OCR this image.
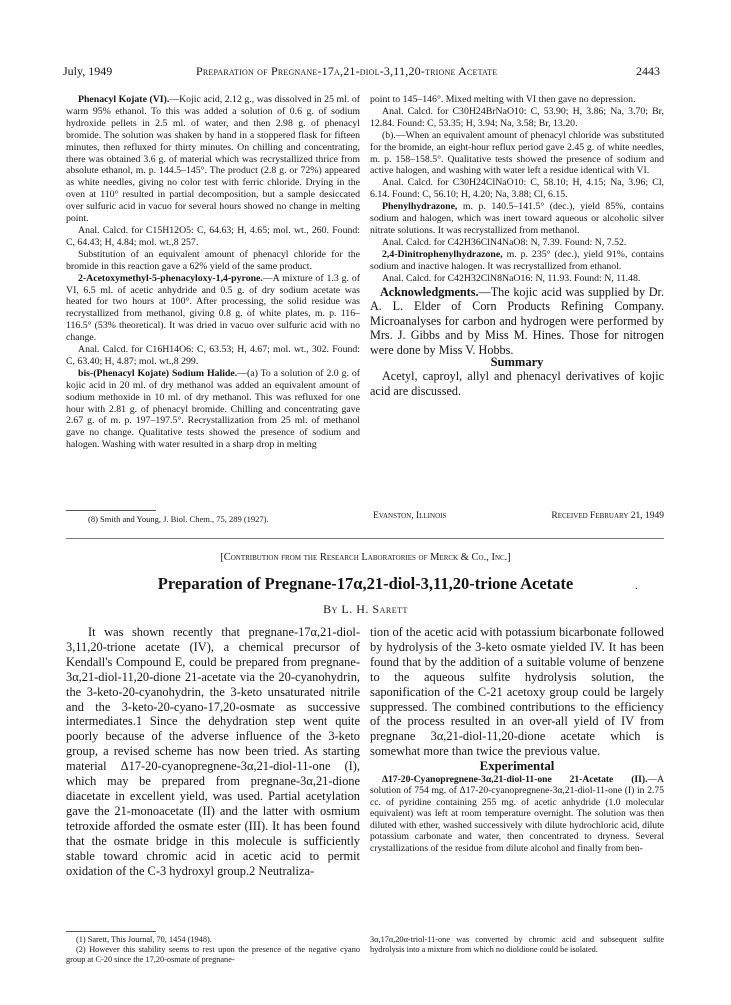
July, 1949	Preparation of Pregnane-17α,21-diol-3,11,20-trione Acetate	2443

Phenacyl Kojate (VI).—Kojic acid, 2.12 g., was dissolved in 25 ml. of warm 95% ethanol. To this was added a solution of 0.6 g. of sodium hydroxide pellets in 2.5 ml. of water, and then 2.98 g. of phenacyl bromide. The solution was shaken by hand in a stoppered flask for fifteen minutes, then refluxed for thirty minutes. On chilling and concentrating, there was obtained 3.6 g. of material which was recrystallized thrice from absolute ethanol, m. p. 144.5–145°. The product (2.8 g. or 72%) appeared as white needles, giving no color test with ferric chloride. Drying in the oven at 110° resulted in partial decomposition, but a sample desiccated over sulfuric acid in vacuo for several hours showed no change in melting point.

Anal. Calcd. for C15H12O5: C, 64.63; H, 4.65; mol. wt., 260. Found: C, 64.43; H, 4.84; mol. wt.,8 257.

Substitution of an equivalent amount of phenacyl chloride for the bromide in this reaction gave a 62% yield of the same product.

2-Acetoxymethyl-5-phenacyloxy-1,4-pyrone.—A mixture of 1.3 g. of VI, 6.5 ml. of acetic anhydride and 0.5 g. of dry sodium acetate was heated for two hours at 100°. After processing, the solid residue was recrystallized from methanol, giving 0.8 g. of white plates, m. p. 116–116.5° (53% theoretical). It was dried in vacuo over sulfuric acid with no change.

Anal. Calcd. for C16H14O6: C, 63.53; H, 4.67; mol. wt., 302. Found: C, 63.40; H, 4.87; mol. wt.,8 299.

bis-(Phenacyl Kojate) Sodium Halide.—(a) To a solution of 2.0 g. of kojic acid in 20 ml. of dry methanol was added an equivalent amount of sodium methoxide in 10 ml. of dry methanol. This was refluxed for one hour with 2.81 g. of phenacyl bromide. Chilling and concentrating gave 2.67 g. of m. p. 197–197.5°. Recrystallization from 25 ml. of methanol gave no change. Qualitative tests showed the presence of sodium and halogen. Washing with water resulted in a sharp drop in melting

point to 145–146°. Mixed melting with VI then gave no depression.

Anal. Calcd. for C30H24BrNaO10: C, 53.90; H, 3.86; Na, 3.70; Br, 12.84. Found: C, 53.35; H, 3.94; Na, 3.58; Br, 13.20.

(b).—When an equivalent amount of phenacyl chloride was substituted for the bromide, an eight-hour reflux period gave 2.45 g. of white needles, m. p. 158–158.5°. Qualitative tests showed the presence of sodium and active halogen, and washing with water left a residue identical with VI.

Anal. Calcd. for C30H24ClNaO10: C, 58.10; H, 4.15; Na, 3.96; Cl, 6.14. Found: C, 56.10; H, 4.20; Na, 3.88; Cl, 6.15.

Phenylhydrazone, m. p. 140.5–141.5° (dec.), yield 85%, contains sodium and halogen, which was inert toward aqueous or alcoholic silver nitrate solutions. It was recrystallized from methanol.

Anal. Calcd. for C42H36ClN4NaO8: N, 7.39. Found: N, 7.52.

2,4-Dinitrophenylhydrazone, m. p. 235° (dec.), yield 91%, contains sodium and inactive halogen. It was recrystallized from ethanol.

Anal. Calcd. for C42H32ClN8NaO16: N, 11.93. Found: N, 11.48.

Acknowledgments.—The kojic acid was supplied by Dr. A. L. Elder of Corn Products Refining Company. Microanalyses for carbon and hydrogen were performed by Mrs. J. Gibbs and by Miss M. Hines. Those for nitrogen were done by Miss V. Hobbs.

Summary

Acetyl, caproyl, allyl and phenacyl derivatives of kojic acid are discussed.

(8) Smith and Young, J. Biol. Chem., 75, 289 (1927).	Evanston, Illinois	Received February 21, 1949
[Contribution from the Research Laboratories of Merck & Co., Inc.]
Preparation of Pregnane-17α,21-diol-3,11,20-trione Acetate	.
By L. H. Sarett

It was shown recently that pregnane-17α,21-diol-3,11,20-trione acetate (IV), a chemical precursor of Kendall's Compound E, could be prepared from pregnane-3α,21-diol-11,20-dione 21-acetate via the 20-cyanohydrin, the 3-keto-20-cyanohydrin, the 3-keto unsaturated nitrile and the 3-keto-20-cyano-17,20-osmate as successive intermediates.1 Since the dehydration step went quite poorly because of the adverse influence of the 3-keto group, a revised scheme has now been tried. As starting material Δ17-20-cyanopregnene-3α,21-diol-11-one (I), which may be prepared from pregnane-3α,21-dione diacetate in excellent yield, was used. Partial acetylation gave the 21-monoacetate (II) and the latter with osmium tetroxide afforded the osmate ester (III). It has been found that the osmate bridge in this molecule is sufficiently stable toward chromic acid in acetic acid to permit oxidation of the C-3 hydroxyl group.2 Neutraliza-

tion of the acetic acid with potassium bicarbonate followed by hydrolysis of the 3-keto osmate yielded IV. It has been found that by the addition of a suitable volume of benzene to the aqueous sulfite hydrolysis solution, the saponification of the C-21 acetoxy group could be largely suppressed. The combined contributions to the efficiency of the process resulted in an over-all yield of IV from pregnane 3α,21-diol-11,20-dione acetate which is somewhat more than twice the previous value.

Experimental

Δ17-20-Cyanopregnene-3α,21-diol-11-one 21-Acetate (II).—A solution of 754 mg. of Δ17-20-cyanopregnene-3α,21-diol-11-one (I) in 2.75 cc. of pyridine containing 255 mg. of acetic anhydride (1.0 molecular equivalent) was left at room temperature overnight. The solution was then diluted with ether, washed successively with dilute hydrochloric acid, dilute potassium carbonate and water, then concentrated to dryness. Several crystallizations of the residue from dilute alcohol and finally from ben-

(1) Sarett, This Journal, 70, 1454 (1948).

(2) However this stability seems to rest upon the presence of the negative cyano group at C-20 since the 17,20-osmate of pregnane-

3α,17α,20α-triol-11-one was converted by chromic acid and subsequent sulfite hydrolysis into a mixture from which no dioldione could be isolated.
